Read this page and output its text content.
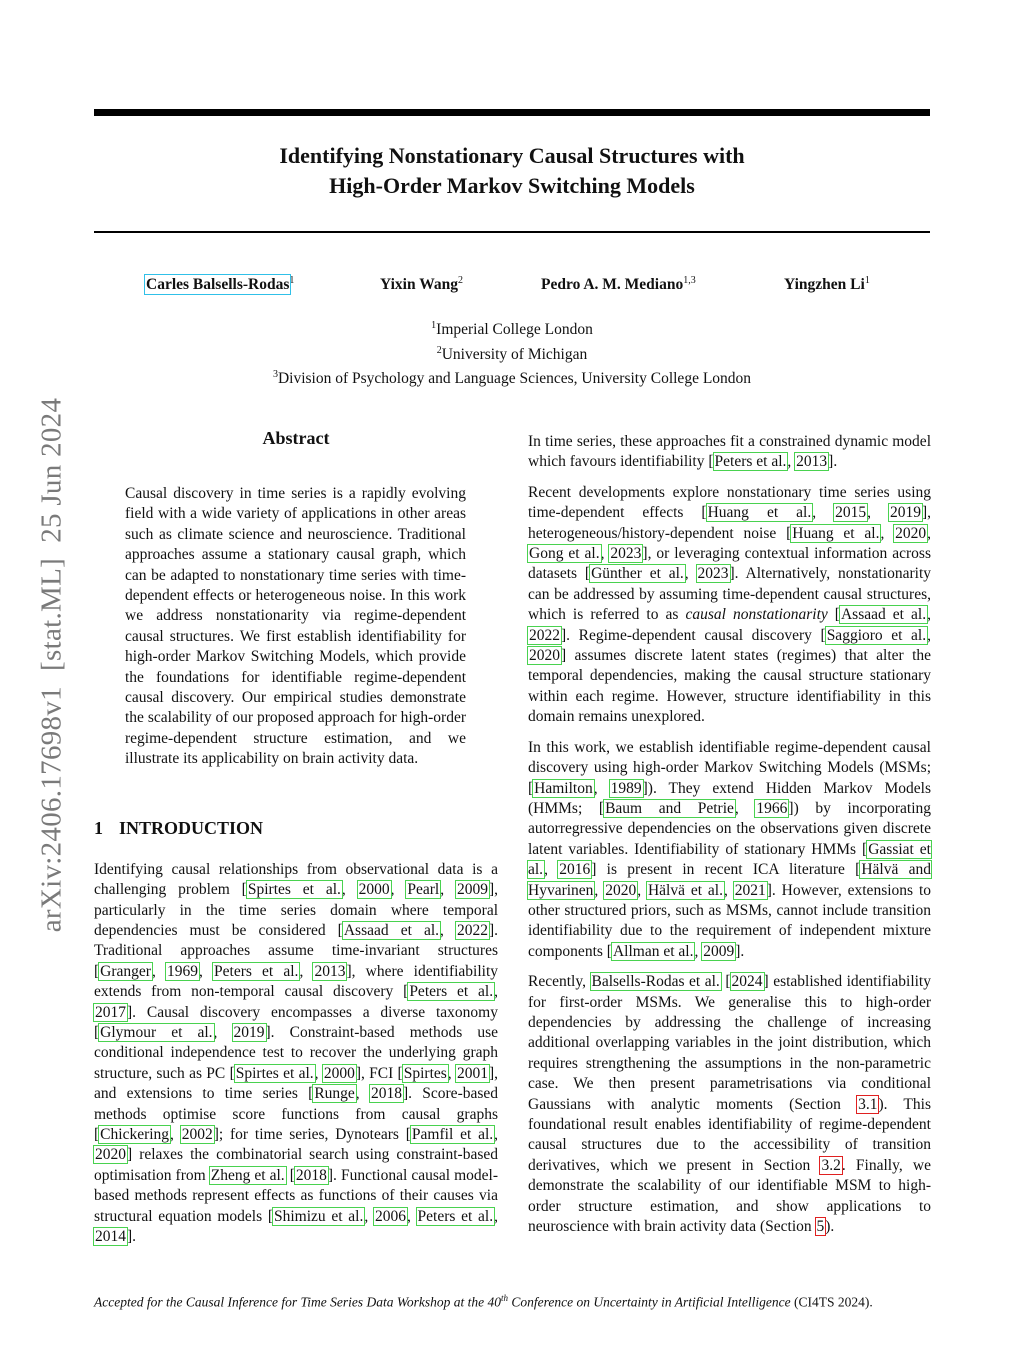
Identifying Nonstationary Causal Structures with
High-Order Markov Switching Models
Carles Balsells-Rodas$^1$	Yixin Wang$^2$	Pedro A. M. Mediano$^{1,3}$	Yingzhen Li$^1$
$^1$Imperial College London
$^2$University of Michigan
$^3$Division of Psychology and Language Sciences, University College London
arXiv:2406.17698v1  [stat.ML]  25 Jun 2024	Abstract

Causal discovery in time series is a rapidly evolving field with a wide variety of applications in other areas such as climate science and neuroscience. Traditional approaches assume a stationary causal graph, which can be adapted to nonstationary time series with time-dependent effects or heterogeneous noise. In this work we address nonstationarity via regime-dependent causal structures. We first establish identifiability for high-order Markov Switching Models, which provide the foundations for identifiable regime-dependent causal discovery. Our empirical studies demonstrate the scalability of our proposed approach for high-order regime-dependent structure estimation, and we illustrate its applicability on brain activity data.

1 INTRODUCTION

Identifying causal relationships from observational data is a challenging problem [Spirtes et al., 2000, Pearl, 2009], particularly in the time series domain where temporal dependencies must be considered [Assaad et al., 2022]. Traditional approaches assume time-invariant structures [Granger, 1969, Peters et al., 2013], where identifiability extends from non-temporal causal discovery [Peters et al., 2017]. Causal discovery encompasses a diverse taxonomy [Glymour et al., 2019]. Constraint-based methods use conditional independence test to recover the underlying graph structure, such as PC [Spirtes et al., 2000], FCI [Spirtes, 2001], and extensions to time series [Runge, 2018]. Score-based methods optimise score functions from causal graphs [Chickering, 2002]; for time series, Dynotears [Pamfil et al., 2020] relaxes the combinatorial search using constraint-based optimisation from Zheng et al. [2018]. Functional causal model-based methods represent effects as functions of their causes via structural equation models [Shimizu et al., 2006, Peters et al., 2014].

In time series, these approaches fit a constrained dynamic model which favours identifiability [Peters et al., 2013].

Recent developments explore nonstationary time series using time-dependent effects [Huang et al., 2015, 2019], heterogeneous/history-dependent noise [Huang et al., 2020, Gong et al., 2023], or leveraging contextual information across datasets [Günther et al., 2023]. Alternatively, nonstationarity can be addressed by assuming time-dependent causal structures, which is referred to as causal nonstationarity [Assaad et al., 2022]. Regime-dependent causal discovery [Saggioro et al., 2020] assumes discrete latent states (regimes) that alter the temporal dependencies, making the causal structure stationary within each regime. However, structure identifiability in this domain remains unexplored.

In this work, we establish identifiable regime-dependent causal discovery using high-order Markov Switching Models (MSMs; [Hamilton, 1989]). They extend Hidden Markov Models (HMMs; [Baum and Petrie, 1966]) by incorporating autorregressive dependencies on the observations given discrete latent variables. Identifiability of stationary HMMs [Gassiat et al., 2016] is present in recent ICA literature [Hälvä and Hyvarinen, 2020, Hälvä et al., 2021]. However, extensions to other structured priors, such as MSMs, cannot include transition identifiability due to the requirement of independent mixture components [Allman et al., 2009].

Recently, Balsells-Rodas et al. [2024] established identifiability for first-order MSMs. We generalise this to high-order dependencies by addressing the challenge of increasing additional overlapping variables in the joint distribution, which requires strengthening the assumptions in the non-parametric case. We then present parametrisations via conditional Gaussians with analytic moments (Section 3.1). This foundational result enables identifiability of regime-dependent causal structures due to the accessibility of transition derivatives, which we present in Section 3.2. Finally, we demonstrate the scalability of our identifiable MSM to high-order structure estimation, and show applications to neuroscience with brain activity data (Section 5).

Accepted for the Causal Inference for Time Series Data Workshop at the 40th Conference on Uncertainty in Artificial Intelligence (CI4TS 2024).
